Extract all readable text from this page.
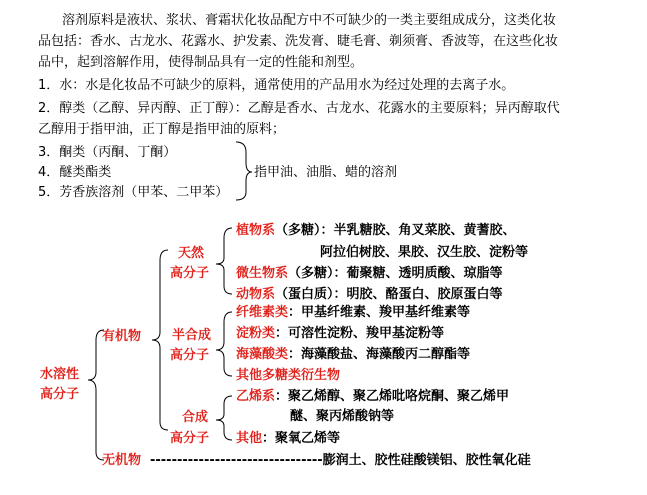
溶剂原料是液状、浆状、膏霜状化妆品配方中不可缺少的一类主要组成成分，这类化妆
品包括：香水、古龙水、花露水、护发素、洗发膏、睫毛膏、剃须膏、香波等，在这些化妆
品中，起到溶解作用，使得制品具有一定的性能和剂型。
1．水：水是化妆品不可缺少的原料，通常使用的产品用水为经过处理的去离子水。
2．醇类（乙醇、异丙醇、正丁醇）：乙醇是香水、古龙水、花露水的主要原料；异丙醇取代
乙醇用于指甲油，正丁醇是指甲油的原料；
3．酮类（丙酮、丁酮）
4．醚类酯类
5．芳香族溶剂（甲苯、二甲苯）
指甲油、油脂、蜡的溶剂
水溶性
高分子
有机物
无机物 --------------------------------膨润土、胶性硅酸镁铝、胶性氧化硅
天然
高分子
植物系（多糖）：半乳糖胶、角叉菜胶、黄蓍胶、
阿拉伯树胶、果胶、汉生胶、淀粉等
微生物系（多糖）：葡聚糖、透明质酸、琼脂等
动物系（蛋白质）：明胶、酪蛋白、胶原蛋白等
半合成
高分子
纤维素类：甲基纤维素、羧甲基纤维素等
淀粉类：可溶性淀粉、羧甲基淀粉等
海藻酸类：海藻酸盐、海藻酸丙二醇酯等
其他多糖类衍生物
合成
高分子
乙烯系：聚乙烯醇、聚乙烯吡咯烷酮、聚乙烯甲
醚、聚丙烯酸钠等
其他：聚氧乙烯等
